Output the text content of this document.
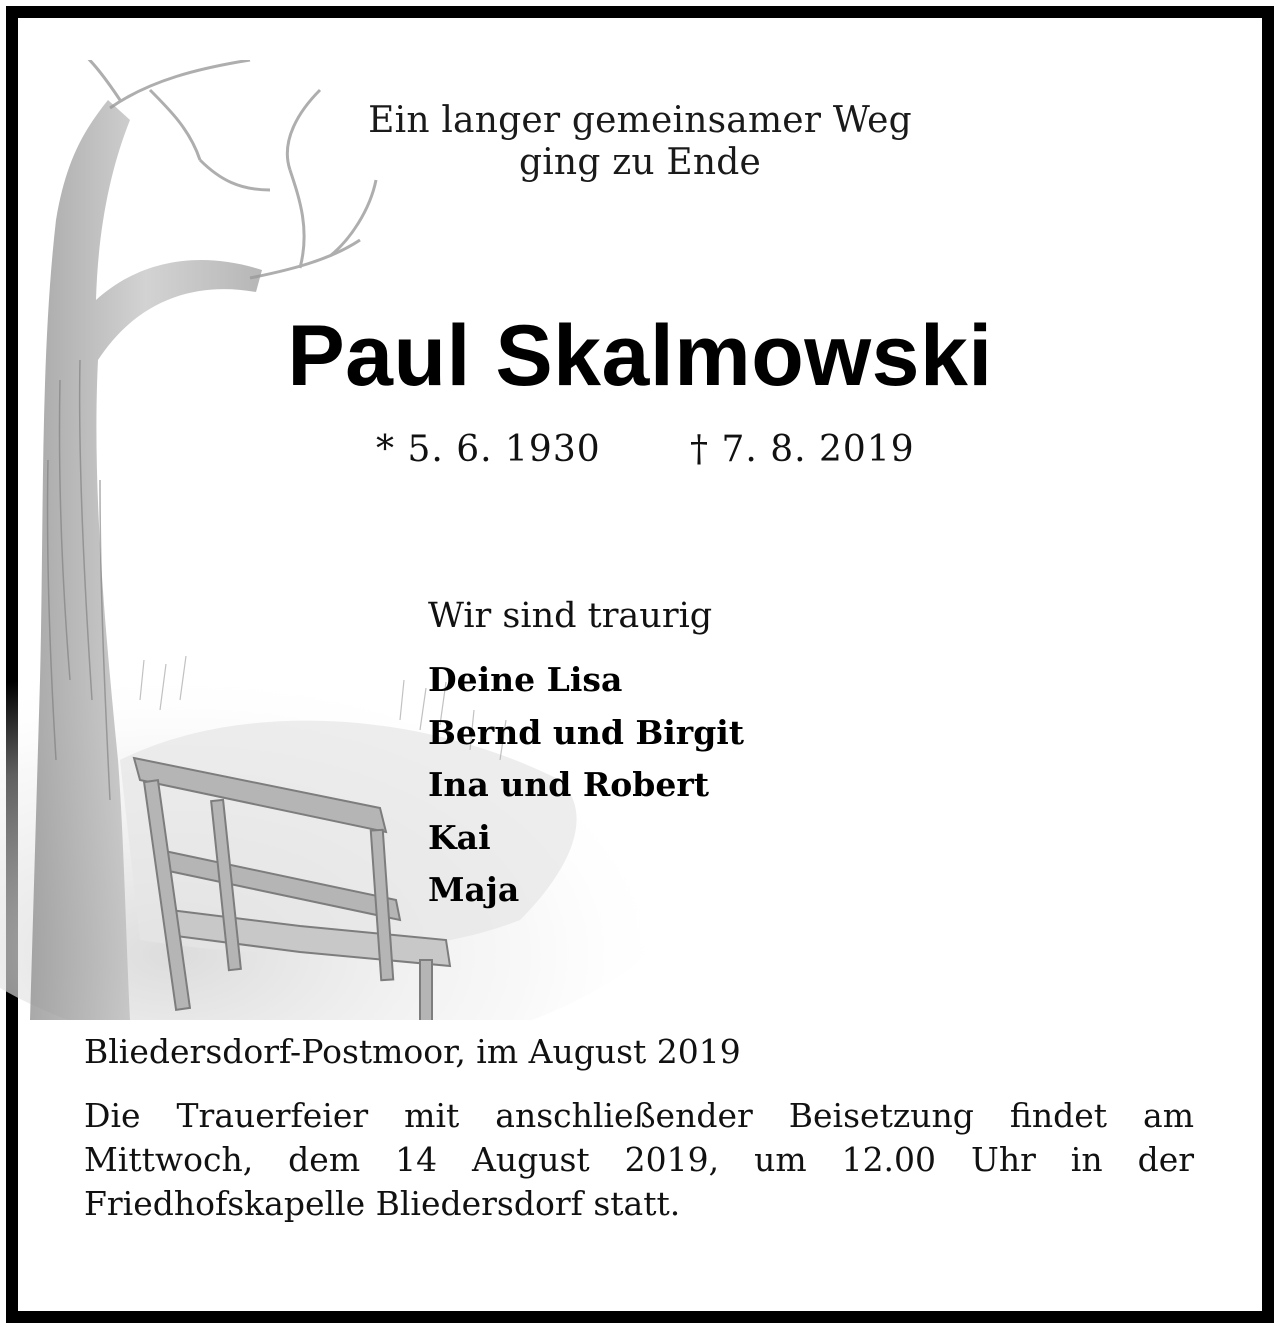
Ein langer gemeinsamer Weg
ging zu Ende
Paul Skalmowski
* 5. 6. 1930 † 7. 8. 2019
Wir sind traurig
Deine Lisa
Bernd und Birgit
Ina und Robert
Kai
Maja
Bliedersdorf-Postmoor, im August 2019
Die Trauerfeier mit anschließender Beisetzung findet am Mittwoch, dem 14 August 2019, um 12.00 Uhr in der Friedhofskapelle Bliedersdorf statt.
